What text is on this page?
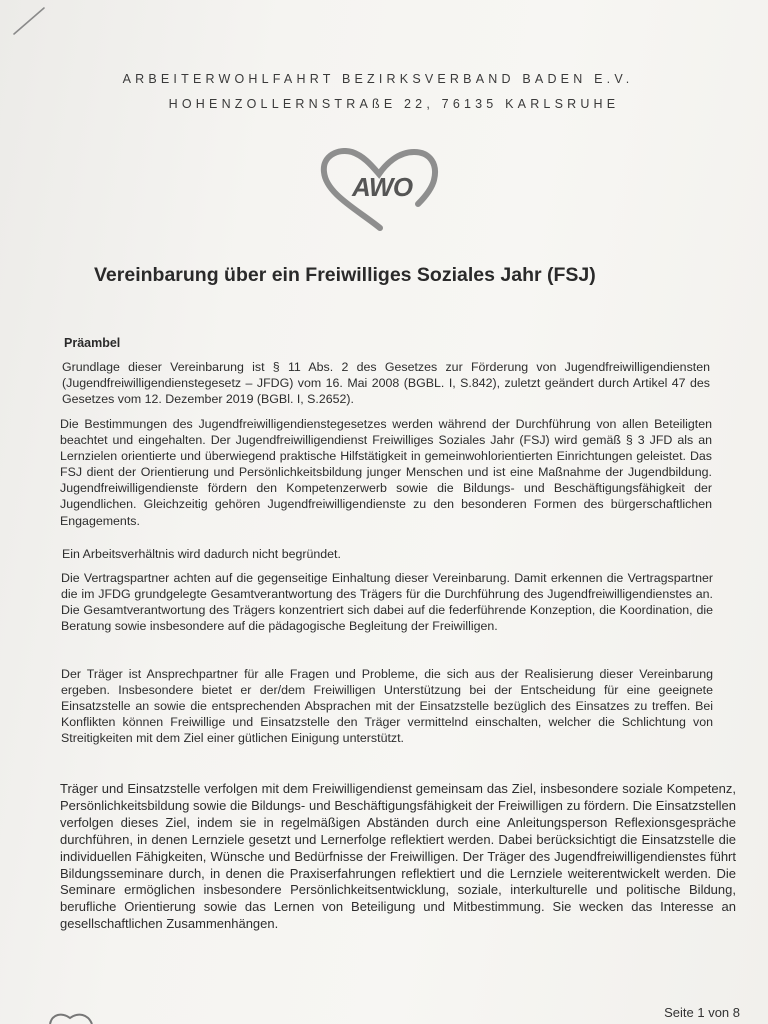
ARBEITERWOHLFAHRT BEZIRKSVERBAND BADEN E.V.
HOHENZOLLERNSTRAßE 22, 76135 KARLSRUHE
AWO
Vereinbarung über ein Freiwilliges Soziales Jahr (FSJ)
Präambel
Grundlage dieser Vereinbarung ist § 11 Abs. 2 des Gesetzes zur Förderung von Jugendfreiwilligendiensten (Jugendfreiwilligendienstegesetz – JFDG) vom 16. Mai 2008 (BGBL. I, S.842), zuletzt geändert durch Artikel 47 des Gesetzes vom 12. Dezember 2019 (BGBl. I, S.2652).
Die Bestimmungen des Jugendfreiwilligendienstegesetzes werden während der Durchführung von allen Beteiligten beachtet und eingehalten. Der Jugendfreiwilligendienst Freiwilliges Soziales Jahr (FSJ) wird gemäß § 3 JFD als an Lernzielen orientierte und überwiegend praktische Hilfstätigkeit in gemeinwohlorientierten Einrichtungen geleistet. Das FSJ dient der Orientierung und Persönlichkeitsbildung junger Menschen und ist eine Maßnahme der Jugendbildung. Jugendfreiwilligendienste fördern den Kompetenzerwerb sowie die Bildungs- und Beschäftigungsfähigkeit der Jugendlichen. Gleichzeitig gehören Jugendfreiwilligendienste zu den besonderen Formen des bürgerschaftlichen Engagements.
Ein Arbeitsverhältnis wird dadurch nicht begründet.
Die Vertragspartner achten auf die gegenseitige Einhaltung dieser Vereinbarung. Damit erkennen die Vertragspartner die im JFDG grundgelegte Gesamtverantwortung des Trägers für die Durchführung des Jugendfreiwilligendienstes an. Die Gesamtverantwortung des Trägers konzentriert sich dabei auf die federführende Konzeption, die Koordination, die Beratung sowie insbesondere auf die pädagogische Begleitung der Freiwilligen.
Der Träger ist Ansprechpartner für alle Fragen und Probleme, die sich aus der Realisierung dieser Vereinbarung ergeben. Insbesondere bietet er der/dem Freiwilligen Unterstützung bei der Entscheidung für eine geeignete Einsatzstelle an sowie die entsprechenden Absprachen mit der Einsatzstelle bezüglich des Einsatzes zu treffen. Bei Konflikten können Freiwillige und Einsatzstelle den Träger vermittelnd einschalten, welcher die Schlichtung von Streitigkeiten mit dem Ziel einer gütlichen Einigung unterstützt.
Träger und Einsatzstelle verfolgen mit dem Freiwilligendienst gemeinsam das Ziel, insbesondere soziale Kompetenz, Persönlichkeitsbildung sowie die Bildungs- und Beschäftigungsfähigkeit der Freiwilligen zu fördern. Die Einsatzstellen verfolgen dieses Ziel, indem sie in regelmäßigen Abständen durch eine Anleitungsperson Reflexionsgespräche durchführen, in denen Lernziele gesetzt und Lernerfolge reflektiert werden. Dabei berücksichtigt die Einsatzstelle die individuellen Fähigkeiten, Wünsche und Bedürfnisse der Freiwilligen. Der Träger des Jugendfreiwilligendienstes führt Bildungsseminare durch, in denen die Praxiserfahrungen reflektiert und die Lernziele weiterentwickelt werden. Die Seminare ermöglichen insbesondere Persönlichkeitsentwicklung, soziale, interkulturelle und politische Bildung, berufliche Orientierung sowie das Lernen von Beteiligung und Mitbestimmung. Sie wecken das Interesse an gesellschaftlichen Zusammenhängen.
Seite 1 von 8
